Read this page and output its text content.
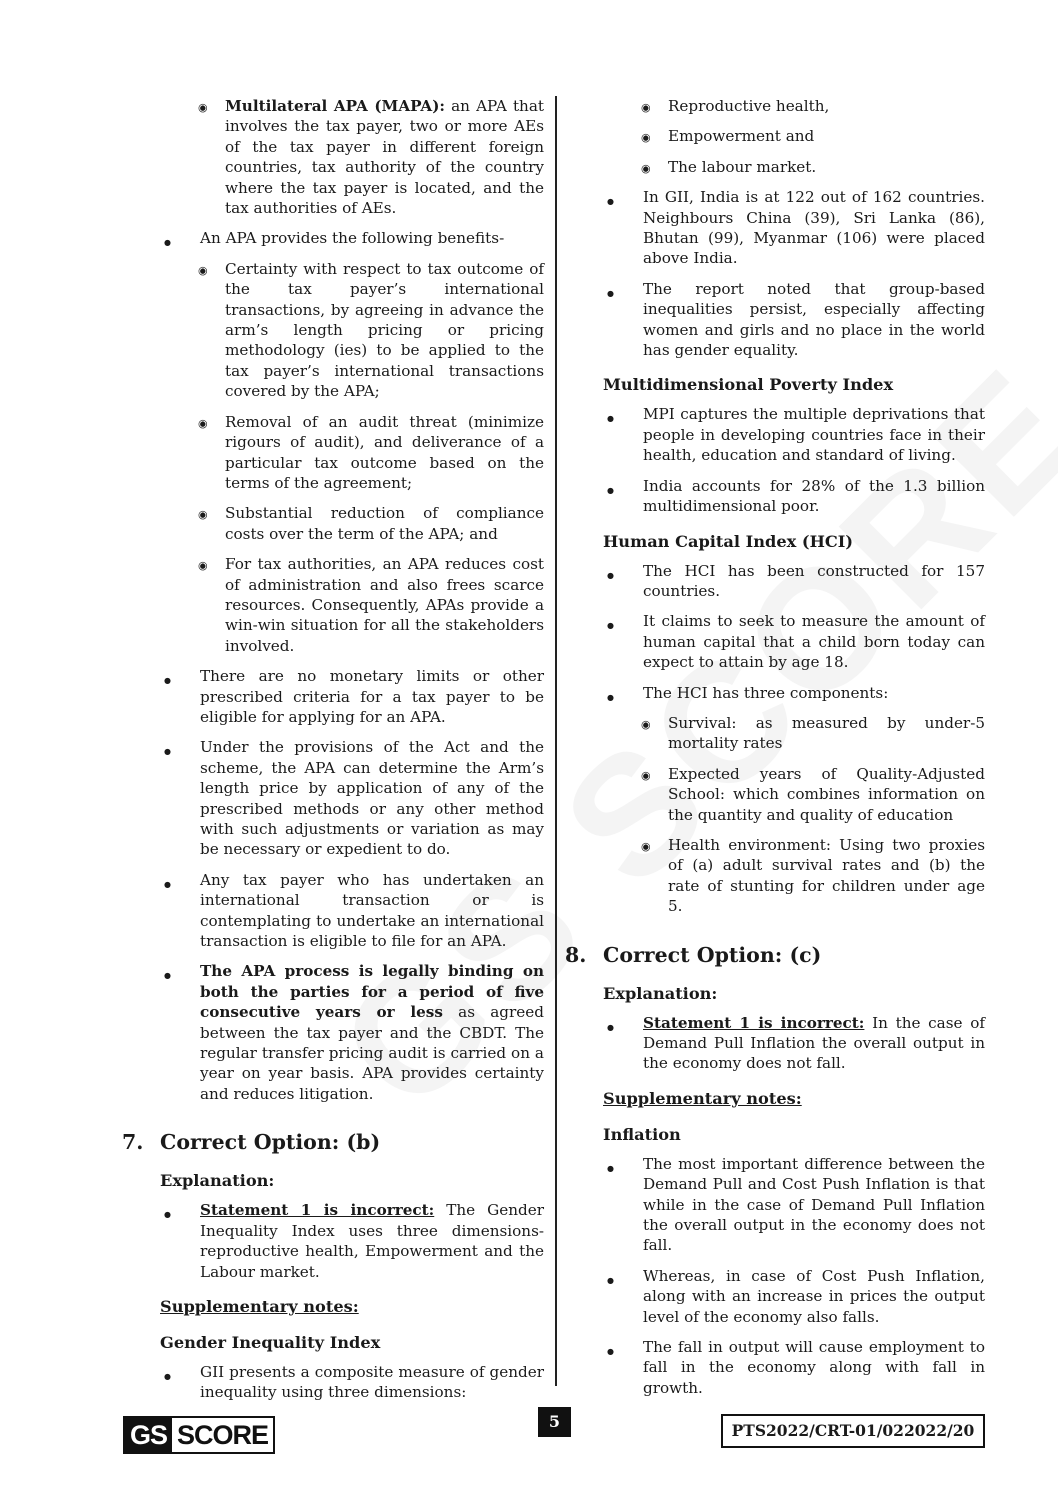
◉ Multilateral APA (MAPA): an APA that involves the tax payer, two or more AEs of the tax payer in different foreign countries, tax authority of the country where the tax payer is located, and the tax authorities of AEs.

● An APA provides the following benefits-

◉ Certainty with respect to tax outcome of the tax payer’s international transactions, by agreeing in advance the arm’s length pricing or pricing methodology (ies) to be applied to the tax payer’s international transactions covered by the APA;

◉ Removal of an audit threat (minimize rigours of audit), and deliverance of a particular tax outcome based on the terms of the agreement;

◉ Substantial reduction of compliance costs over the term of the APA; and

◉ For tax authorities, an APA reduces cost of administration and also frees scarce resources. Consequently, APAs provide a win-win situation for all the stakeholders involved.

● There are no monetary limits or other prescribed criteria for a tax payer to be eligible for applying for an APA.

● Under the provisions of the Act and the scheme, the APA can determine the Arm’s length price by application of any of the prescribed methods or any other method with such adjustments or variation as may be necessary or expedient to do.

● Any tax payer who has undertaken an international transaction or is contemplating to undertake an international transaction is eligible to file for an APA.

● The APA process is legally binding on both the parties for a period of five consecutive years or less as agreed between the tax payer and the CBDT. The regular transfer pricing audit is carried on a year on year basis. APA provides certainty and reduces litigation.

7. Correct Option: (b)
Explanation:

● Statement 1 is incorrect: The Gender Inequality Index uses three dimensions- reproductive health, Empowerment and the Labour market.

Supplementary notes:
Gender Inequality Index

● GII presents a composite measure of gender inequality using three dimensions:

◉ Reproductive health,

◉ Empowerment and

◉ The labour market.

● In GII, India is at 122 out of 162 countries. Neighbours China (39), Sri Lanka (86), Bhutan (99), Myanmar (106) were placed above India.

● The report noted that group-based inequalities persist, especially affecting women and girls and no place in the world has gender equality.

Multidimensional Poverty Index

● MPI captures the multiple deprivations that people in developing countries face in their health, education and standard of living.

● India accounts for 28% of the 1.3 billion multidimensional poor.

Human Capital Index (HCI)

● The HCI has been constructed for 157 countries.

● It claims to seek to measure the amount of human capital that a child born today can expect to attain by age 18.

● The HCI has three components:

◉ Survival: as measured by under-5 mortality rates

◉ Expected years of Quality-Adjusted School: which combines information on the quantity and quality of education

◉ Health environment: Using two proxies of (a) adult survival rates and (b) the rate of stunting for children under age 5.

8. Correct Option: (c)
Explanation:

● Statement 1 is incorrect: In the case of Demand Pull Inflation the overall output in the economy does not fall.

Supplementary notes:
Inflation

● The most important difference between the Demand Pull and Cost Push Inflation is that while in the case of Demand Pull Inflation the overall output in the economy does not fall.

● Whereas, in case of Cost Push Inflation, along with an increase in prices the output level of the economy also falls.

● The fall in output will cause employment to fall in the economy along with fall in growth.

GS SCORE	5	PTS2022/CRT-01/022022/20
